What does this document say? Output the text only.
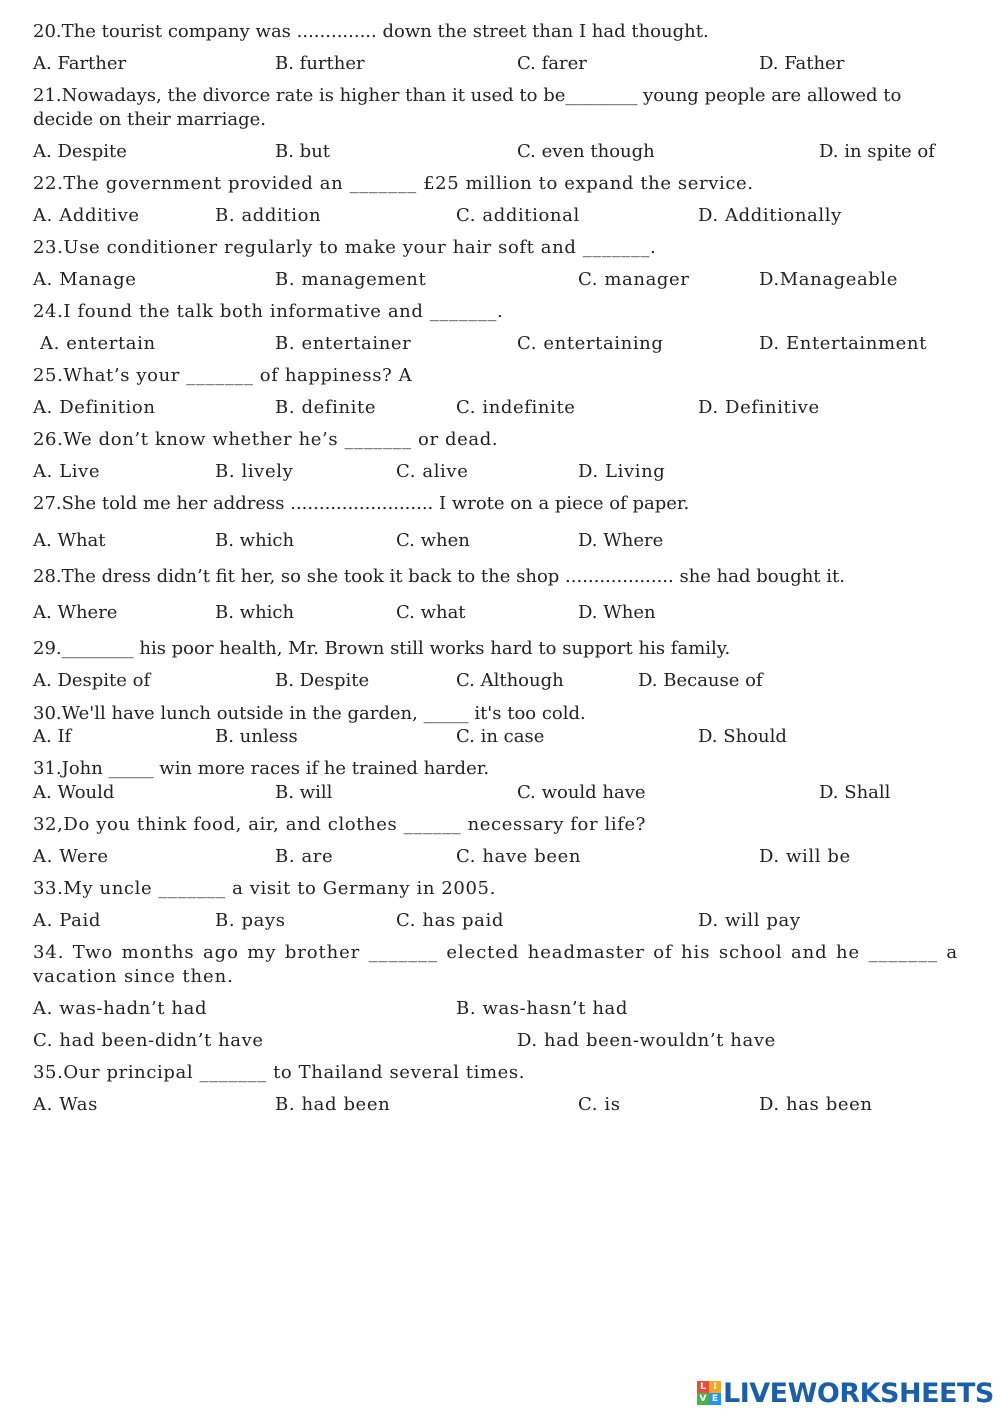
20.The tourist company was .............. down the street than I had thought.
A. Farther	B. further	C. farer	D. Father
21.Nowadays, the divorce rate is higher than it used to be________ young people are allowed to decide on their marriage.
A. Despite	B. but	C. even though	D. in spite of
22.The government provided an _______ £25 million to expand the service.
A. Additive	B. addition	C. additional	D. Additionally
23.Use conditioner regularly to make your hair soft and _______.
A. Manage	B. management	C. manager	D.Manageable
24.I found the talk both informative and _______.
A. entertain	B. entertainer	C. entertaining	D. Entertainment
25.What’s your _______ of happiness? A
A. Definition	B. definite	C. indefinite	D. Definitive
26.We don’t know whether he’s _______ or dead.
A. Live	B. lively	C. alive	D. Living
27.She told me her address ......................... I wrote on a piece of paper.
A. What	B. which	C. when	D. Where
28.The dress didn’t fit her, so she took it back to the shop ................... she had bought it.
A. Where	B. which	C. what	D. When
29.________ his poor health, Mr. Brown still works hard to support his family.
A. Despite of	B. Despite	C. Although	D. Because of
30.We'll have lunch outside in the garden, _____ it's too cold.
A. If	B. unless	C. in case	D. Should
31.John _____ win more races if he trained harder.
A. Would	B. will	C. would have	D. Shall
32,Do you think food, air, and clothes ______ necessary for life?
A. Were	B. are	C. have been	D. will be
33.My uncle _______ a visit to Germany in 2005.
A. Paid	B. pays	C. has paid	D. will pay
34. Two months ago my brother _______ elected headmaster of his school and he _______ a vacation since then.
A. was-hadn’t had	B. was-hasn’t had
C. had been-didn’t have	D. had been-wouldn’t have
35.Our principal _______ to Thailand several times.
A. Was	B. had been	C. is	D. has been
L I
V E LIVEWORKSHEETS
